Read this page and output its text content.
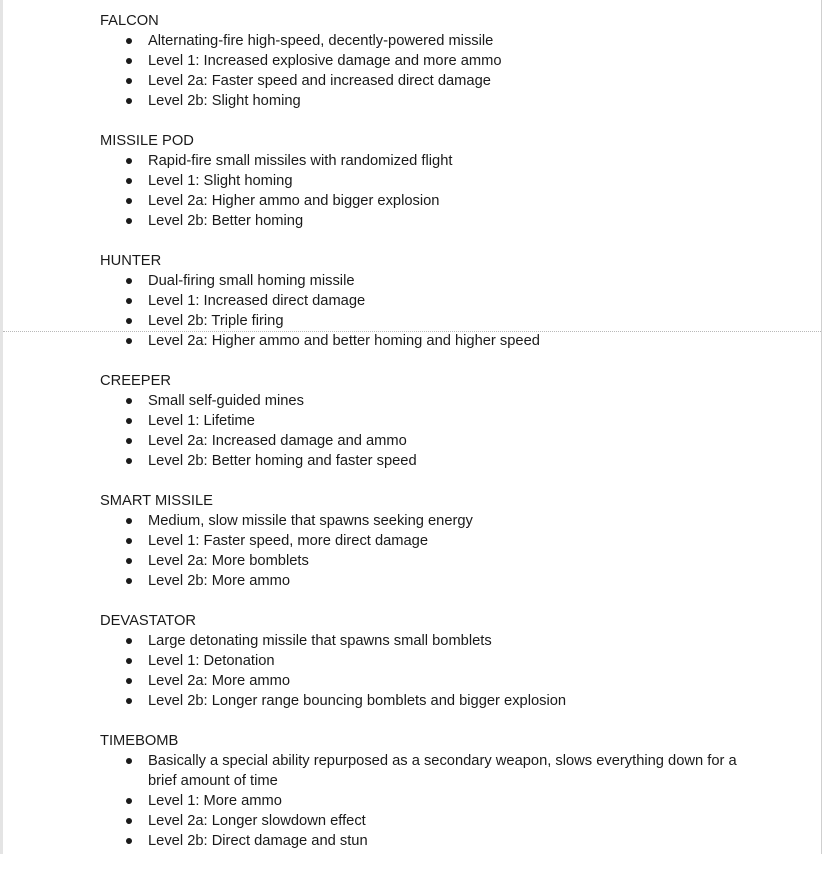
FALCON
Alternating-fire high-speed, decently-powered missile
Level 1: Increased explosive damage and more ammo
Level 2a: Faster speed and increased direct damage
Level 2b: Slight homing
MISSILE POD
Rapid-fire small missiles with randomized flight
Level 1: Slight homing
Level 2a: Higher ammo and bigger explosion
Level 2b: Better homing
HUNTER
Dual-firing small homing missile
Level 1: Increased direct damage
Level 2b: Triple firing
Level 2a: Higher ammo and better homing and higher speed
CREEPER
Small self-guided mines
Level 1: Lifetime
Level 2a: Increased damage and ammo
Level 2b: Better homing and faster speed
SMART MISSILE
Medium, slow missile that spawns seeking energy
Level 1: Faster speed, more direct damage
Level 2a: More bomblets
Level 2b: More ammo
DEVASTATOR
Large detonating missile that spawns small bomblets
Level 1: Detonation
Level 2a: More ammo
Level 2b: Longer range bouncing bomblets and bigger explosion
TIMEBOMB
Basically a special ability repurposed as a secondary weapon, slows everything down for a brief amount of time
Level 1: More ammo
Level 2a: Longer slowdown effect
Level 2b: Direct damage and stun
